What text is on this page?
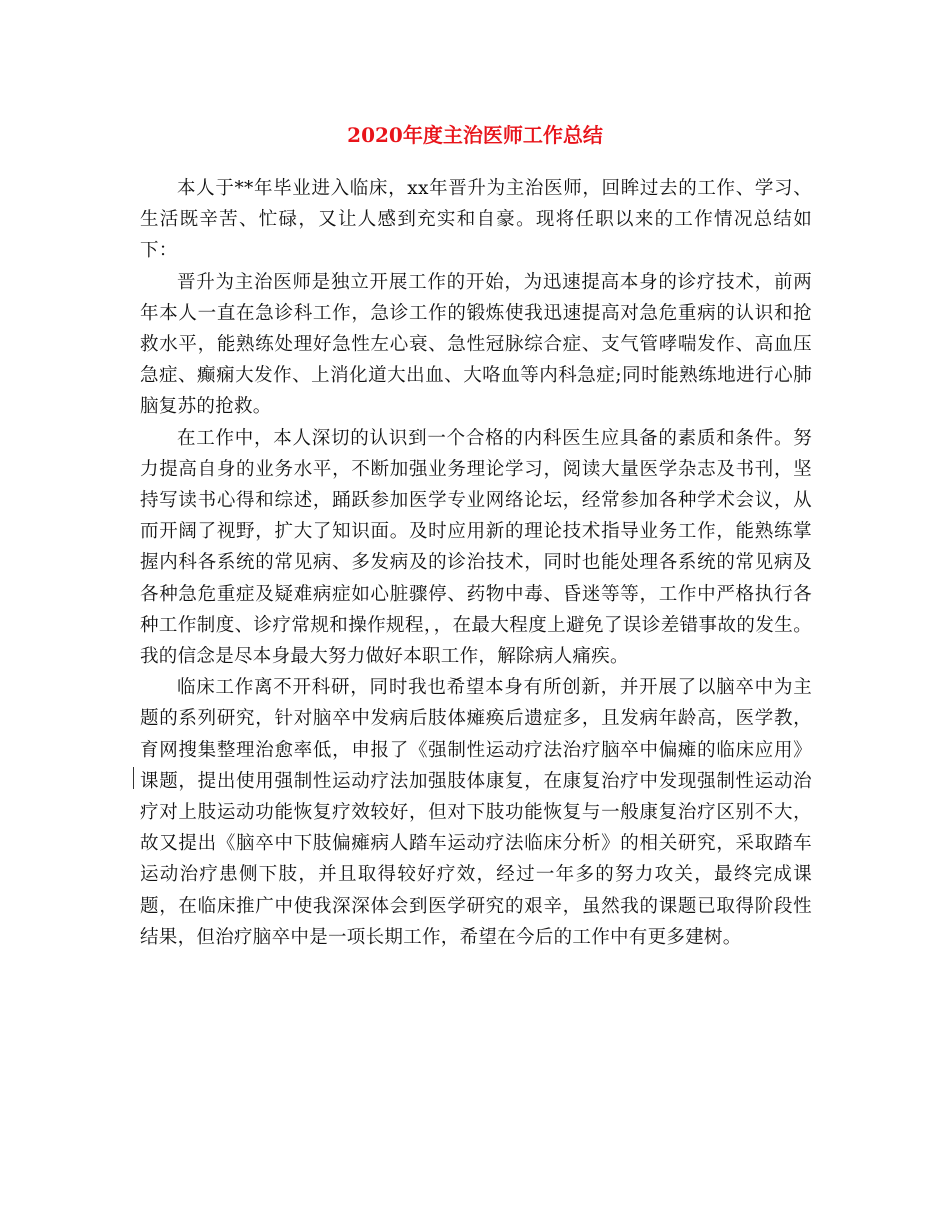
2020年度主治医师工作总结

本人于**年毕业进入临床，xx年晋升为主治医师，回眸过去的工作、学习、生活既辛苦、忙碌，又让人感到充实和自豪。现将任职以来的工作情况总结如下：

晋升为主治医师是独立开展工作的开始，为迅速提高本身的诊疗技术，前两年本人一直在急诊科工作，急诊工作的锻炼使我迅速提高对急危重病的认识和抢救水平，能熟练处理好急性左心衰、急性冠脉综合症、支气管哮喘发作、高血压急症、癫痫大发作、上消化道大出血、大咯血等内科急症;同时能熟练地进行心肺脑复苏的抢救。

在工作中，本人深切的认识到一个合格的内科医生应具备的素质和条件。努力提高自身的业务水平，不断加强业务理论学习，阅读大量医学杂志及书刊，坚持写读书心得和综述，踊跃参加医学专业网络论坛，经常参加各种学术会议，从而开阔了视野，扩大了知识面。及时应用新的理论技术指导业务工作，能熟练掌握内科各系统的常见病、多发病及的诊治技术，同时也能处理各系统的常见病及各种急危重症及疑难病症如心脏骤停、药物中毒、昏迷等等，工作中严格执行各种工作制度、诊疗常规和操作规程，，在最大程度上避免了误诊差错事故的发生。我的信念是尽本身最大努力做好本职工作，解除病人痛疾。

临床工作离不开科研，同时我也希望本身有所创新，并开展了以脑卒中为主题的系列研究，针对脑卒中发病后肢体瘫痪后遗症多，且发病年龄高，医学教，育网搜集整理治愈率低，申报了《强制性运动疗法治疗脑卒中偏瘫的临床应用》课题，提出使用强制性运动疗法加强肢体康复，在康复治疗中发现强制性运动治疗对上肢运动功能恢复疗效较好，但对下肢功能恢复与一般康复治疗区别不大，故又提出《脑卒中下肢偏瘫病人踏车运动疗法临床分析》的相关研究，采取踏车运动治疗患侧下肢，并且取得较好疗效，经过一年多的努力攻关，最终完成课题，在临床推广中使我深深体会到医学研究的艰辛，虽然我的课题已取得阶段性结果，但治疗脑卒中是一项长期工作，希望在今后的工作中有更多建树。
